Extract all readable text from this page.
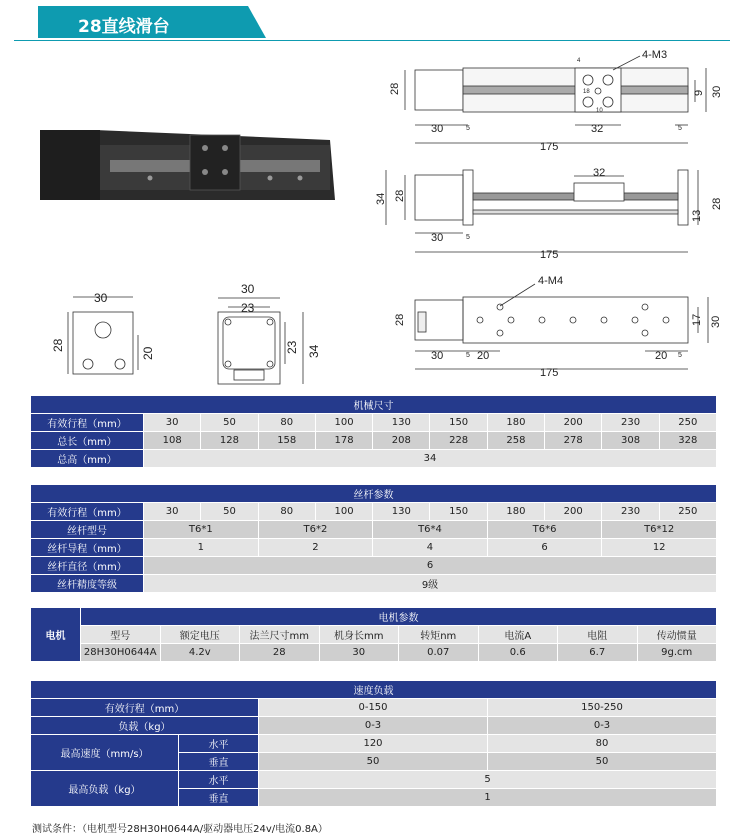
28直线滑台
28
30	5	32	5
175
9 30
4-M3
4
18
10
32
34 28
30	5
175
13
28
30
28
20
30
23
23 34
4-M4
28
30	5 20	20 5
175
17 30
机械尺寸										
有效行程（mm）	30	50	80	100	130	150	180	200	230	250
总长（mm）	108	128	158	178	208	228	258	278	308	328
总高（mm）	34									
丝杆参数										
有效行程（mm）	30	50	80	100	130	150	180	200	230	250
丝杆型号	T6*1		T6*2		T6*4		T6*6		T6*12	
丝杆导程（mm）	1		2		4		6		12	
丝杆直径（mm）	6									
丝杆精度等级	9级									
电机	电机参数							
	型号	额定电压	法兰尺寸mm	机身长mm	转矩nm	电流A	电阻	传动惯量
	28H30H0644A	4.2v	28	30	0.07	0.6	6.7	9g.cm
速度负载			
有效行程（mm）		0-150	150-250
负载（kg）		0-3	0-3
最高速度（mm/s）	水平	120	80
	垂直	50	50
最高负载（kg）	水平	5	
	垂直	1	
测试条件：（电机型号28H30H0644A/驱动器电压24v/电流0.8A）
